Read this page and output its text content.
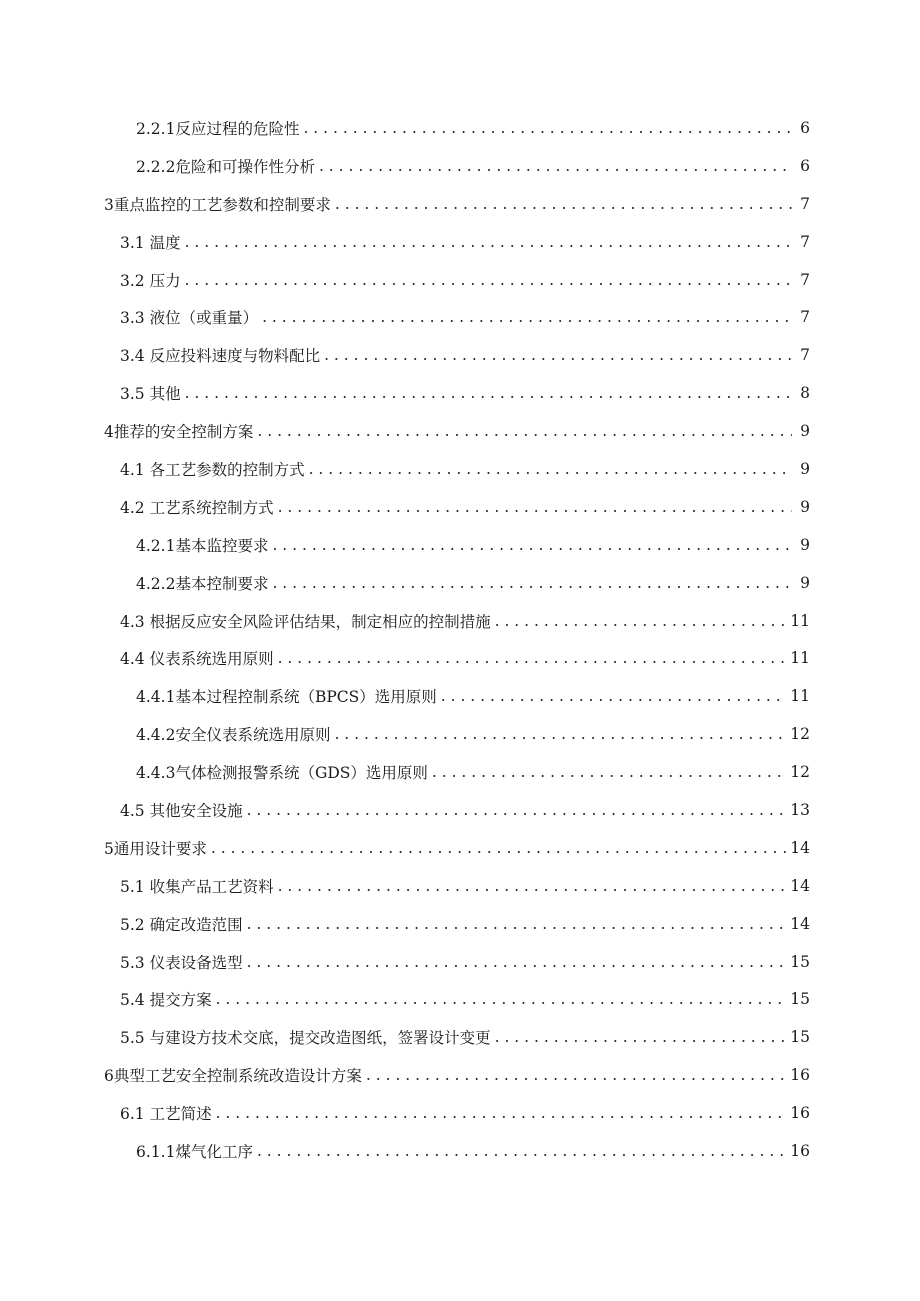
2.2.1反应过程的危险性 . . .	6
2.2.2危险和可操作性分析 . . .	6
3重点监控的工艺参数和控制要求 . . .	7
3.1 温度 . . .	7
3.2 压力 . . .	7
3.3 液位（或重量） . . .	7
3.4 反应投料速度与物料配比 . . .	7
3.5 其他 . . .	8
4推荐的安全控制方案 . . .	9
4.1 各工艺参数的控制方式 . . .	9
4.2 工艺系统控制方式 . . .	9
4.2.1基本监控要求 . . .	9
4.2.2基本控制要求 . . .	9
4.3 根据反应安全风险评估结果，制定相应的控制措施 . . .	11
4.4 仪表系统选用原则 . . .	11
4.4.1基本过程控制系统（BPCS）选用原则 . . .	11
4.4.2安全仪表系统选用原则 . . .	12
4.4.3气体检测报警系统（GDS）选用原则 . . .	12
4.5 其他安全设施 . . .	13
5通用设计要求 . . .	14
5.1 收集产品工艺资料 . . .	14
5.2 确定改造范围 . . .	14
5.3 仪表设备选型 . . .	15
5.4 提交方案 . . .	15
5.5 与建设方技术交底，提交改造图纸，签署设计变更 . . .	15
6典型工艺安全控制系统改造设计方案 . . .	16
6.1 工艺简述 . . .	16
6.1.1煤气化工序 . . .	16
